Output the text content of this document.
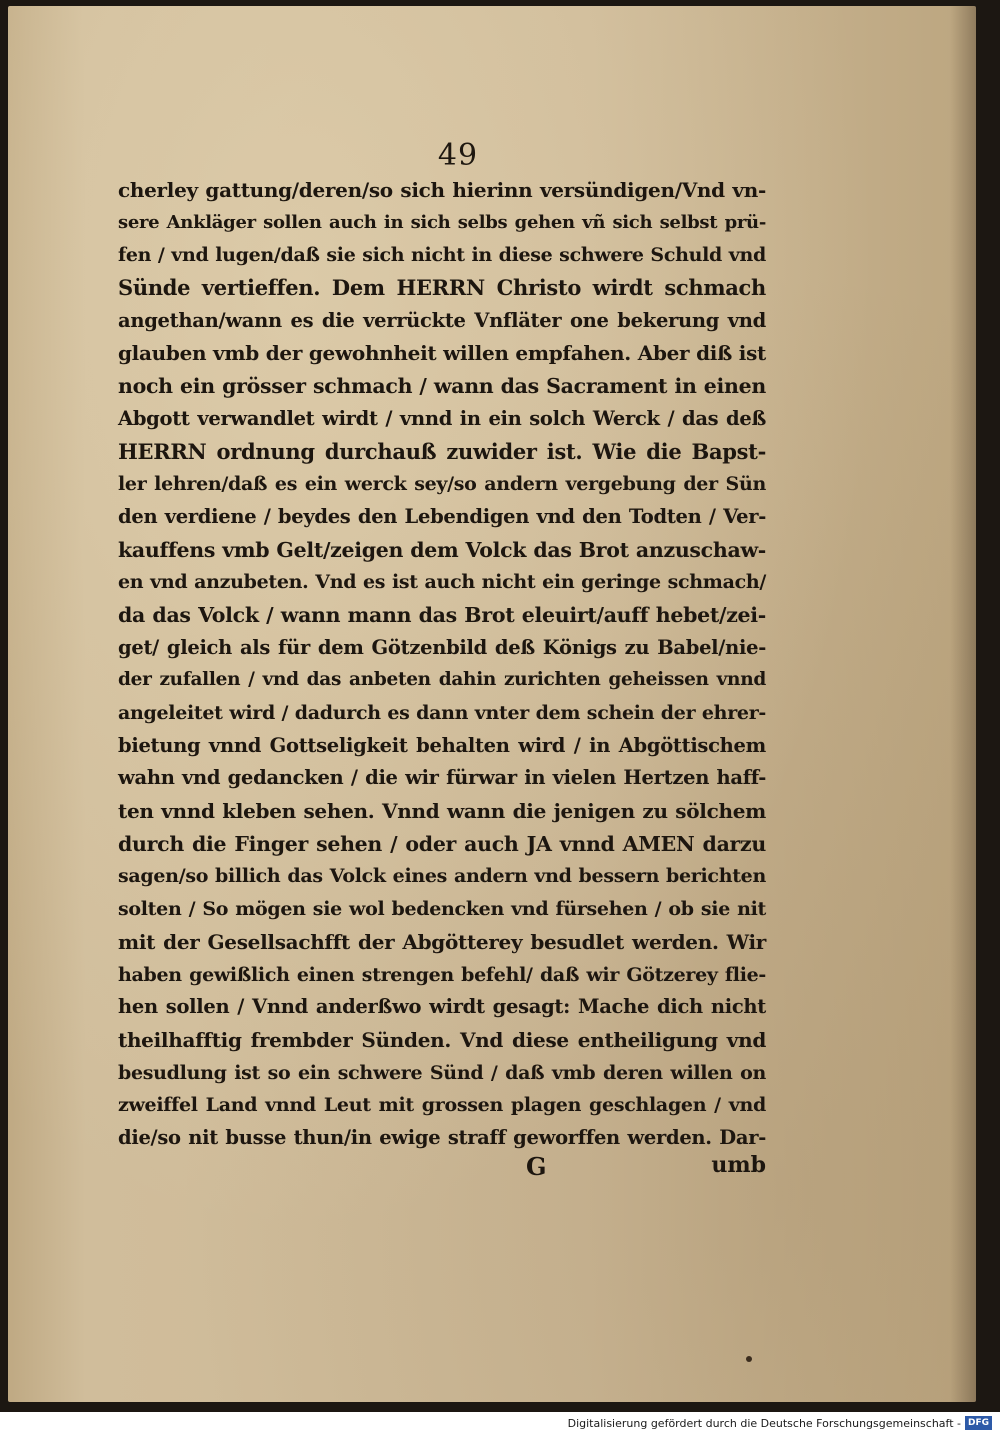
49
cherley gattung/deren/so sich hierinn versündigen/Vnd vn-
sere Ankläger sollen auch in sich selbs gehen vñ sich selbst prü-
fen / vnd lugen/daß sie sich nicht in diese schwere Schuld vnd
Sünde vertieffen. Dem HERRN Christo wirdt schmach
angethan/wann es die verrückte Vnfläter one bekerung vnd
glauben vmb der gewohnheit willen empfahen. Aber diß ist
noch ein grösser schmach / wann das Sacrament in einen
Abgott verwandlet wirdt / vnnd in ein solch Werck / das deß
HERRN ordnung durchauß zuwider ist. Wie die Bapst-
ler lehren/daß es ein werck sey/so andern vergebung der Sün
den verdiene / beydes den Lebendigen vnd den Todten / Ver-
kauffens vmb Gelt/zeigen dem Volck das Brot anzuschaw-
en vnd anzubeten. Vnd es ist auch nicht ein geringe schmach/
da das Volck / wann mann das Brot eleuirt/auff hebet/zei-
get/ gleich als für dem Götzenbild deß Königs zu Babel/nie-
der zufallen / vnd das anbeten dahin zurichten geheissen vnnd
angeleitet wird / dadurch es dann vnter dem schein der ehrer-
bietung vnnd Gottseligkeit behalten wird / in Abgöttischem
wahn vnd gedancken / die wir fürwar in vielen Hertzen haff-
ten vnnd kleben sehen. Vnnd wann die jenigen zu sölchem
durch die Finger sehen / oder auch JA vnnd AMEN darzu
sagen/so billich das Volck eines andern vnd bessern berichten
solten / So mögen sie wol bedencken vnd fürsehen / ob sie nit
mit der Gesellsachfft der Abgötterey besudlet werden. Wir
haben gewißlich einen strengen befehl/ daß wir Götzerey flie-
hen sollen / Vnnd anderßwo wirdt gesagt: Mache dich nicht
theilhafftig frembder Sünden. Vnd diese entheiligung vnd
besudlung ist so ein schwere Sünd / daß vmb deren willen on
zweiffel Land vnnd Leut mit grossen plagen geschlagen / vnd
die/so nit busse thun/in ewige straff geworffen werden. Dar-
G	umb
Digitalisierung gefördert durch die Deutsche Forschungsgemeinschaft - DFG
